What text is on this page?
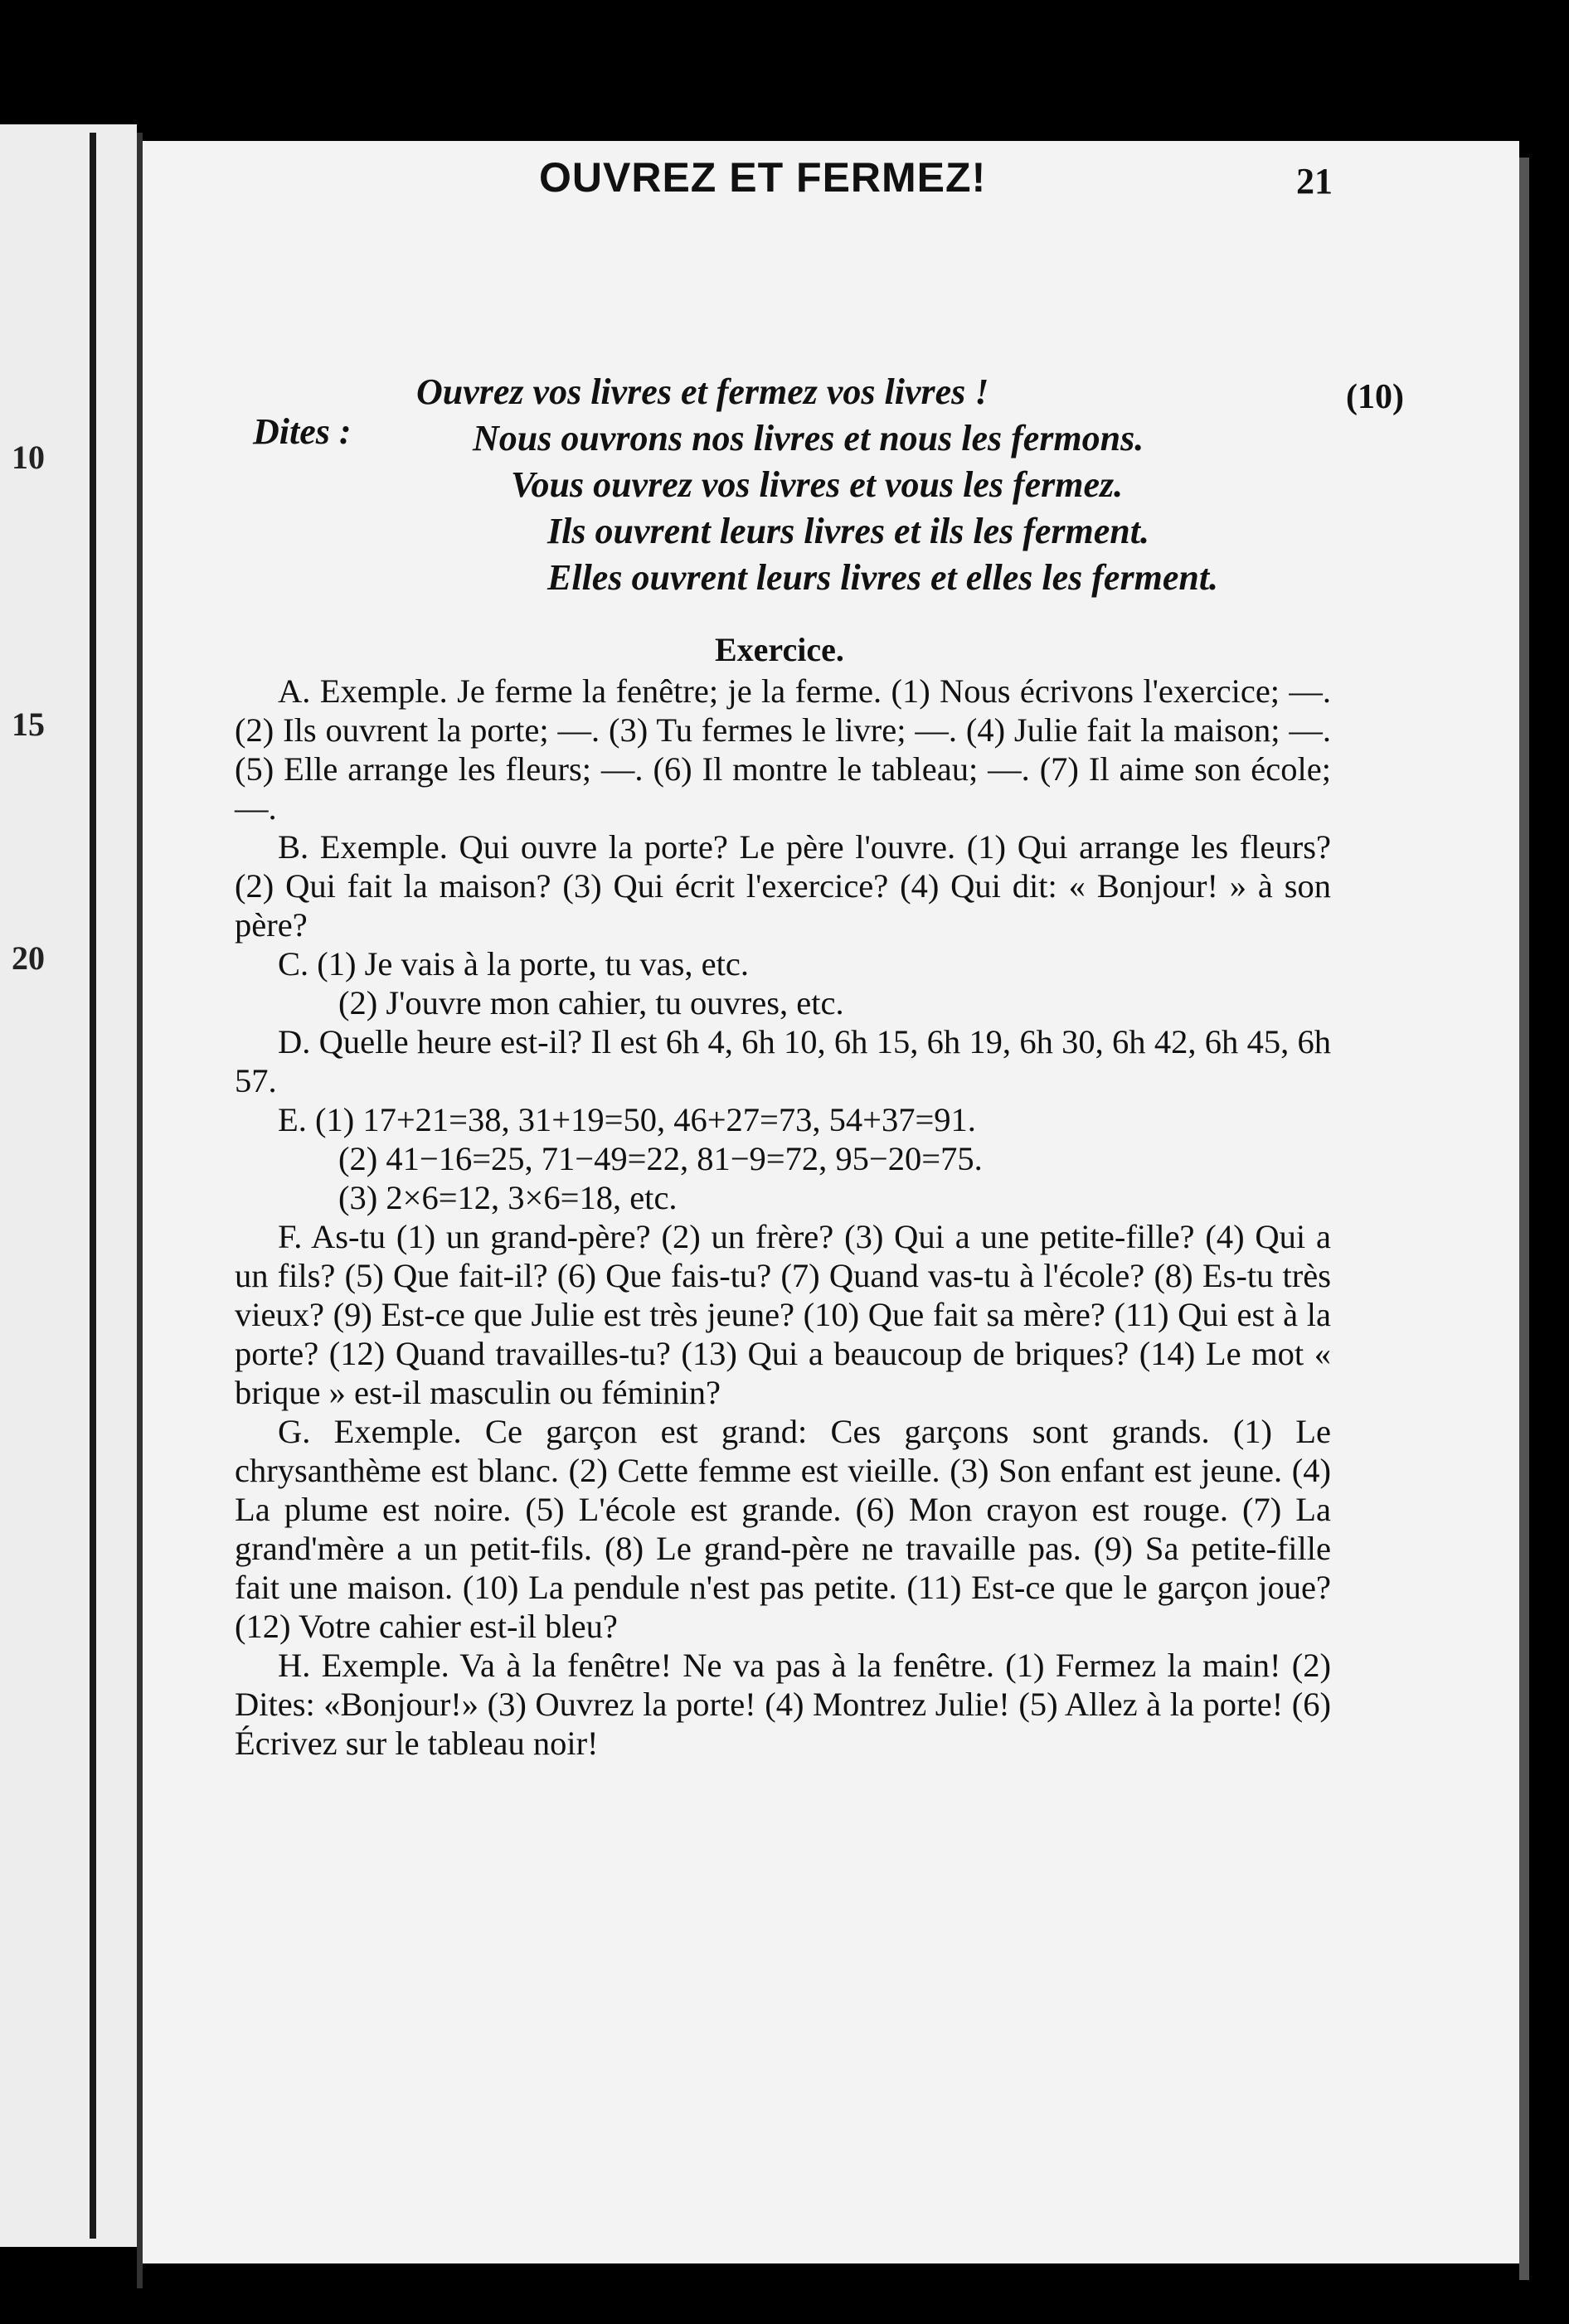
10
15
20
OUVREZ ET FERMEZ!	21
Dites :
Ouvrez vos livres et fermez vos livres !
Nous ouvrons nos livres et nous les fermons.
Vous ouvrez vos livres et vous les fermez.
Ils ouvrent leurs livres et ils les ferment.
Elles ouvrent leurs livres et elles les ferment.
(10)
Exercice.

A. Exemple. Je ferme la fenêtre; je la ferme. (1) Nous écrivons l'exercice; —. (2) Ils ouvrent la porte; —. (3) Tu fermes le livre; —. (4) Julie fait la maison; —. (5) Elle arrange les fleurs; —. (6) Il montre le tableau; —. (7) Il aime son école; —.

B. Exemple. Qui ouvre la porte? Le père l'ouvre. (1) Qui arrange les fleurs? (2) Qui fait la maison? (3) Qui écrit l'exercice? (4) Qui dit: « Bonjour! » à son père?

C. (1) Je vais à la porte, tu vas, etc.

(2) J'ouvre mon cahier, tu ouvres, etc.

D. Quelle heure est-il? Il est 6h 4, 6h 10, 6h 15, 6h 19, 6h 30, 6h 42, 6h 45, 6h 57.

E. (1) 17+21=38, 31+19=50, 46+27=73, 54+37=91.

(2) 41−16=25, 71−49=22, 81−9=72, 95−20=75.

(3) 2×6=12, 3×6=18, etc.

F. As-tu (1) un grand-père? (2) un frère? (3) Qui a une petite-fille? (4) Qui a un fils? (5) Que fait-il? (6) Que fais-tu? (7) Quand vas-tu à l'école? (8) Es-tu très vieux? (9) Est-ce que Julie est très jeune? (10) Que fait sa mère? (11) Qui est à la porte? (12) Quand travailles-tu? (13) Qui a beaucoup de briques? (14) Le mot « brique » est-il masculin ou féminin?

G. Exemple. Ce garçon est grand: Ces garçons sont grands. (1) Le chrysanthème est blanc. (2) Cette femme est vieille. (3) Son enfant est jeune. (4) La plume est noire. (5) L'école est grande. (6) Mon crayon est rouge. (7) La grand'mère a un petit-fils. (8) Le grand-père ne travaille pas. (9) Sa petite-fille fait une maison. (10) La pendule n'est pas petite. (11) Est-ce que le garçon joue? (12) Votre cahier est-il bleu?

H. Exemple. Va à la fenêtre! Ne va pas à la fenêtre. (1) Fermez la main! (2) Dites: «Bonjour!» (3) Ouvrez la porte! (4) Montrez Julie! (5) Allez à la porte! (6) Écrivez sur le tableau noir!
